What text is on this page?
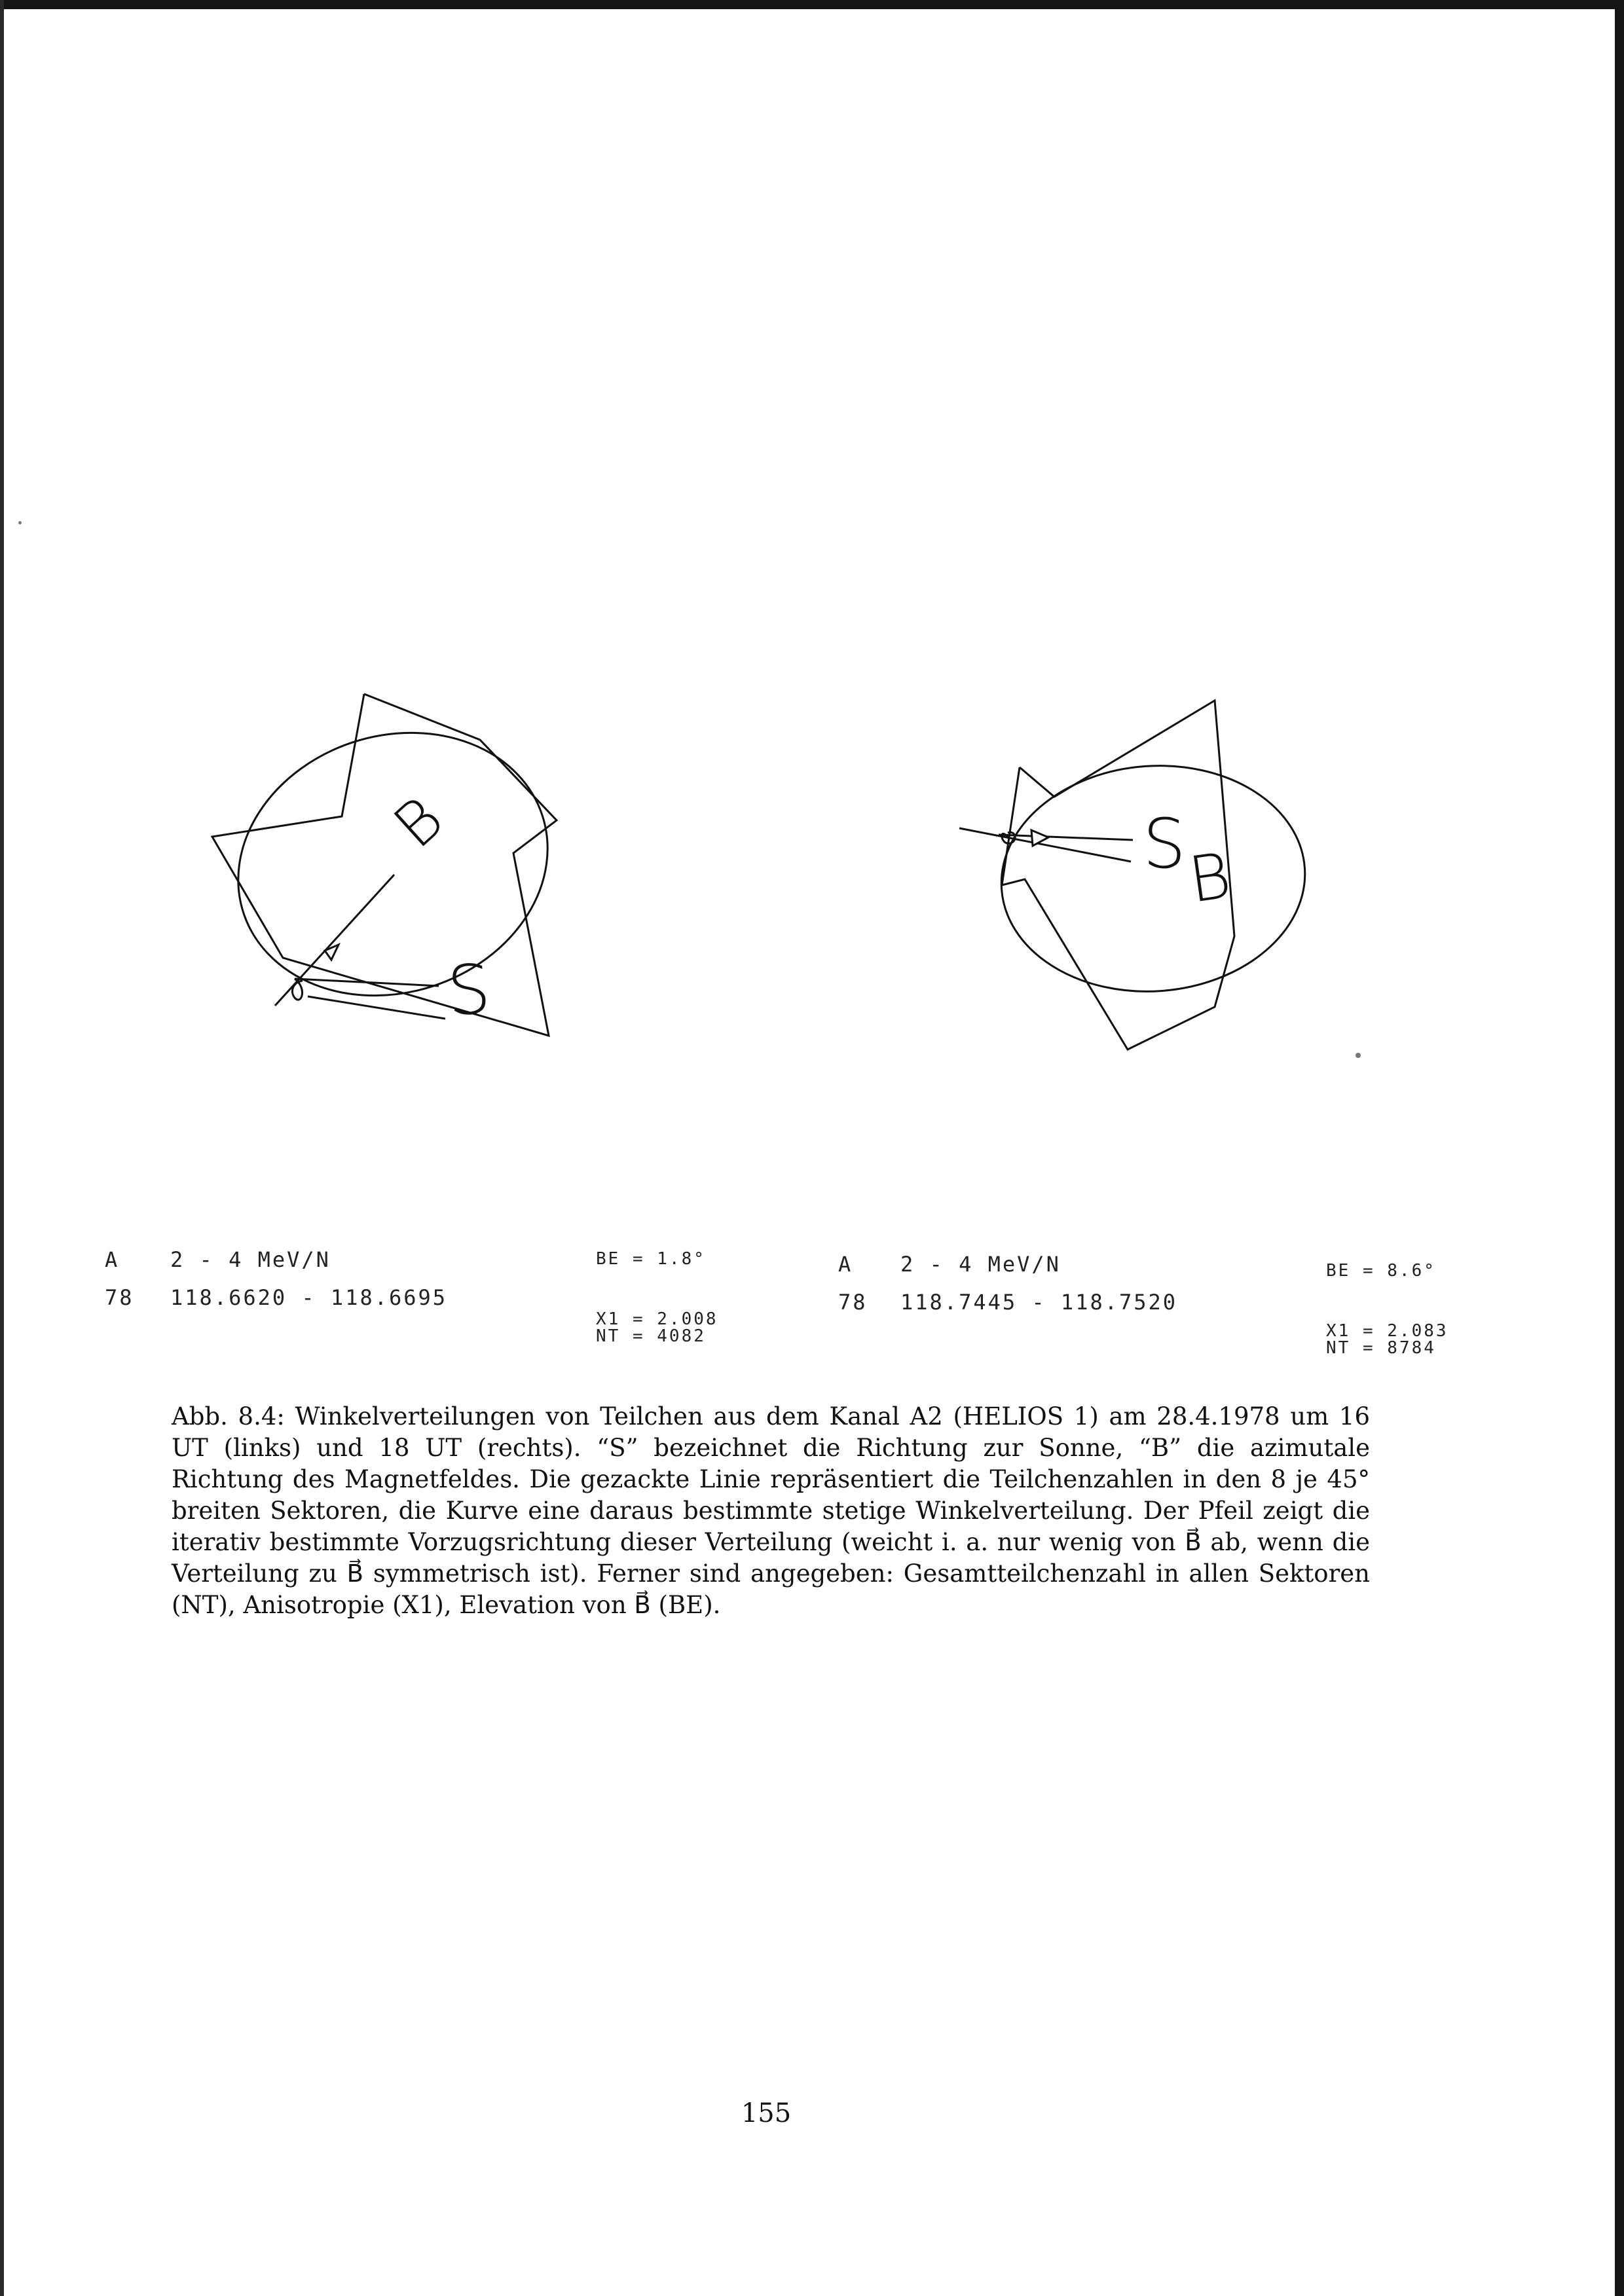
S
B	S
B
A 2 - 4 MeV/N
78 118.6620 - 118.6695
BE = 1.8°
X1 = 2.008
NT = 4082
A 2 - 4 MeV/N
78 118.7445 - 118.7520
BE = 8.6°
X1 = 2.083
NT = 8784
Abb. 8.4: Winkelverteilungen von Teilchen aus dem Kanal A2 (HELIOS 1) am 28.4.1978 um 16 UT (links) und 18 UT (rechts). “S” bezeichnet die Richtung zur Sonne, “B” die azimutale Richtung des Magnetfeldes. Die gezackte Linie repräsentiert die Teilchenzahlen in den 8 je 45° breiten Sektoren, die Kurve eine daraus bestimmte stetige Winkelverteilung. Der Pfeil zeigt die iterativ bestimmte Vorzugsrichtung dieser Verteilung (weicht i. a. nur wenig von B⃗ ab, wenn die Verteilung zu B⃗ symmetrisch ist). Ferner sind angegeben: Gesamtteilchenzahl in allen Sektoren (NT), Anisotropie (X1), Elevation von B⃗ (BE).
155
